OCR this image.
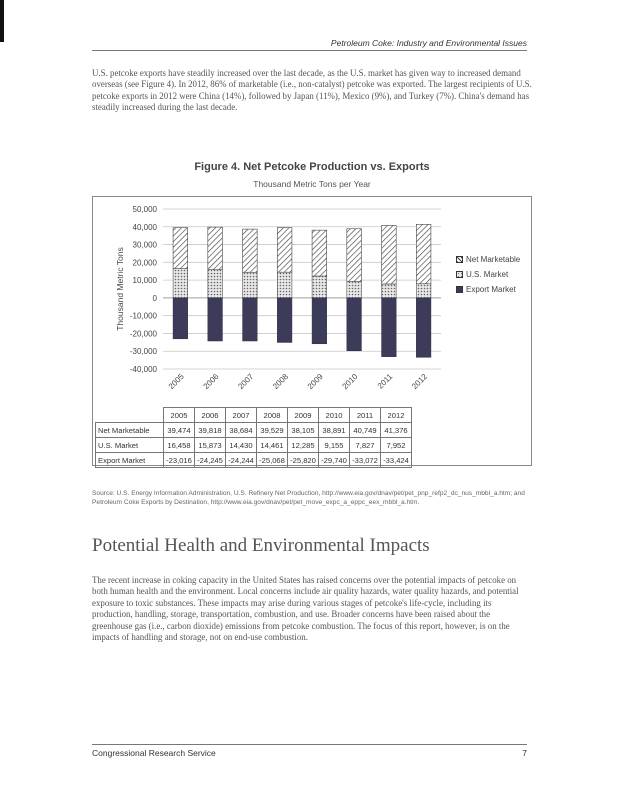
Petroleum Coke: Industry and Environmental Issues

U.S. petcoke exports have steadily increased over the last decade, as the U.S. market has given way to increased demand overseas (see Figure 4). In 2012, 86% of marketable (i.e., non-catalyst) petcoke was exported. The largest recipients of U.S. petcoke exports in 2012 were China (14%), followed by Japan (11%), Mexico (9%), and Turkey (7%). China's demand has steadily increased during the last decade.

Figure 4. Net Petcoke Production vs. Exports
Thousand Metric Tons per Year
50,000
40,000
30,000
20,000
10,000
0
-10,000
-20,000
-30,000
-40,000
Thousand Metric Tons
2005 2006 2007 2008 2009 2010 2011 2012
Net Marketable
U.S. Market
Export Market
	2005	2006	2007	2008	2009	2010	2011	2012
Net Marketable	39,474	39,818	38,684	39,529	38,105	38,891	40,749	41,376
U.S. Market	16,458	15,873	14,430	14,461	12,285	9,155	7,827	7,952
Export Market	-23,016	-24,245	-24,244	-25,068	-25,820	-29,740	-33,072	-33,424
Source: U.S. Energy Information Administration, U.S. Refinery Net Production, http://www.eia.gov/dnav/pet/pet_pnp_refp2_dc_nus_mbbl_a.htm; and Petroleum Coke Exports by Destination, http://www.eia.gov/dnav/pet/pet_move_expc_a_eppc_eex_mbbl_a.htm.
Potential Health and Environmental Impacts

The recent increase in coking capacity in the United States has raised concerns over the potential impacts of petcoke on both human health and the environment. Local concerns include air quality hazards, water quality hazards, and potential exposure to toxic substances. These impacts may arise during various stages of petcoke's life-cycle, including its production, handling, storage, transportation, combustion, and use. Broader concerns have been raised about the greenhouse gas (i.e., carbon dioxide) emissions from petcoke combustion. The focus of this report, however, is on the impacts of handling and storage, not on end-use combustion.

Congressional Research Service	7
